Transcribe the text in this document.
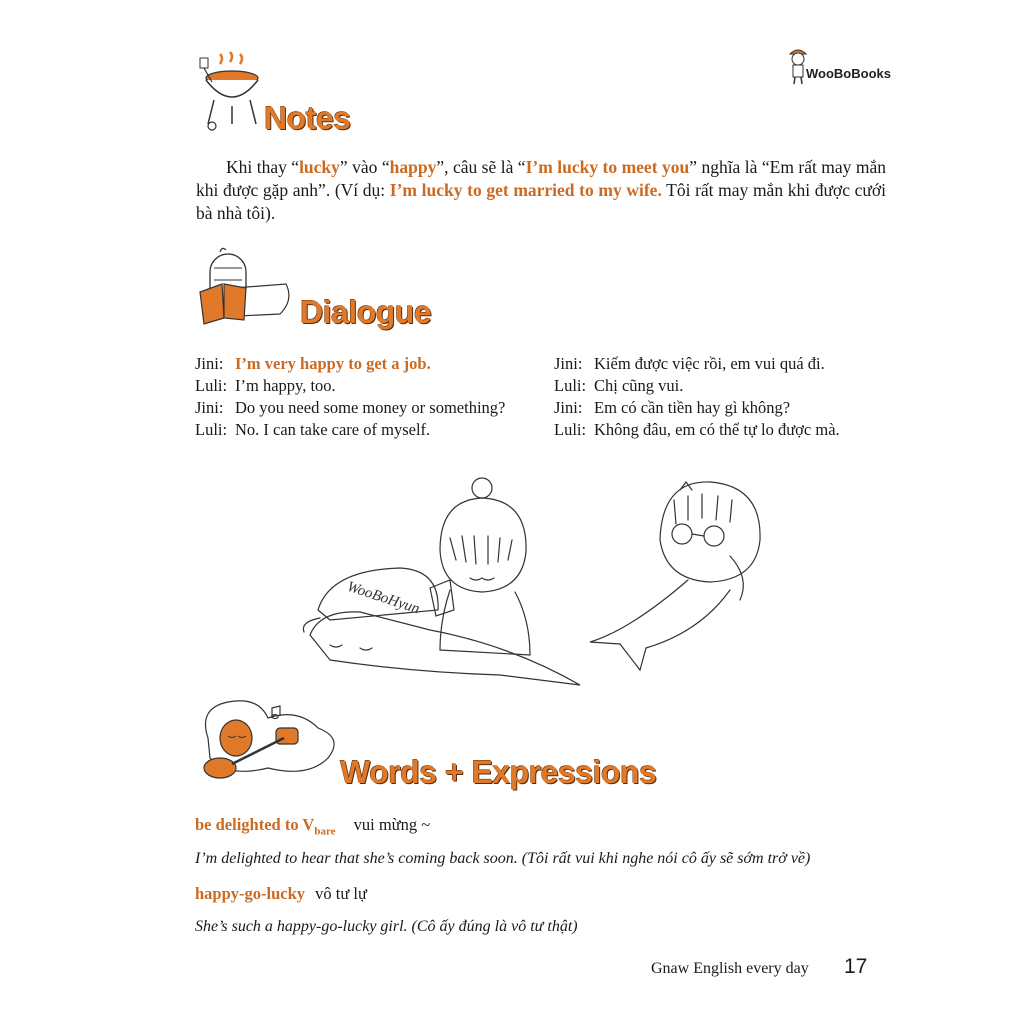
WooBoBooks
Notes
Khi thay “lucky” vào “happy”, câu sẽ là “I’m lucky to meet you” nghĩa là “Em rất may mắn khi được gặp anh”. (Ví dụ: I’m lucky to get married to my wife. Tôi rất may mắn khi được cưới bà nhà tôi).
Dialogue
Jini: I’m very happy to get a job.
Luli: I’m happy, too.
Jini: Do you need some money or something?
Luli: No. I can take care of myself.
Jini: Kiếm được việc rồi, em vui quá đi.
Luli: Chị cũng vui.
Jini: Em có cần tiền hay gì không?
Luli: Không đâu, em có thể tự lo được mà.
WooBoHyun
Words + Expressions
be delighted to $V_{bare}$ vui mừng ~
I’m delighted to hear that she’s coming back soon. (Tôi rất vui khi nghe nói cô ấy sẽ sớm trở về)
happy-go-lucky vô tư lự
She’s such a happy-go-lucky girl. (Cô ấy đúng là vô tư thật)
Gnaw English every day 17
